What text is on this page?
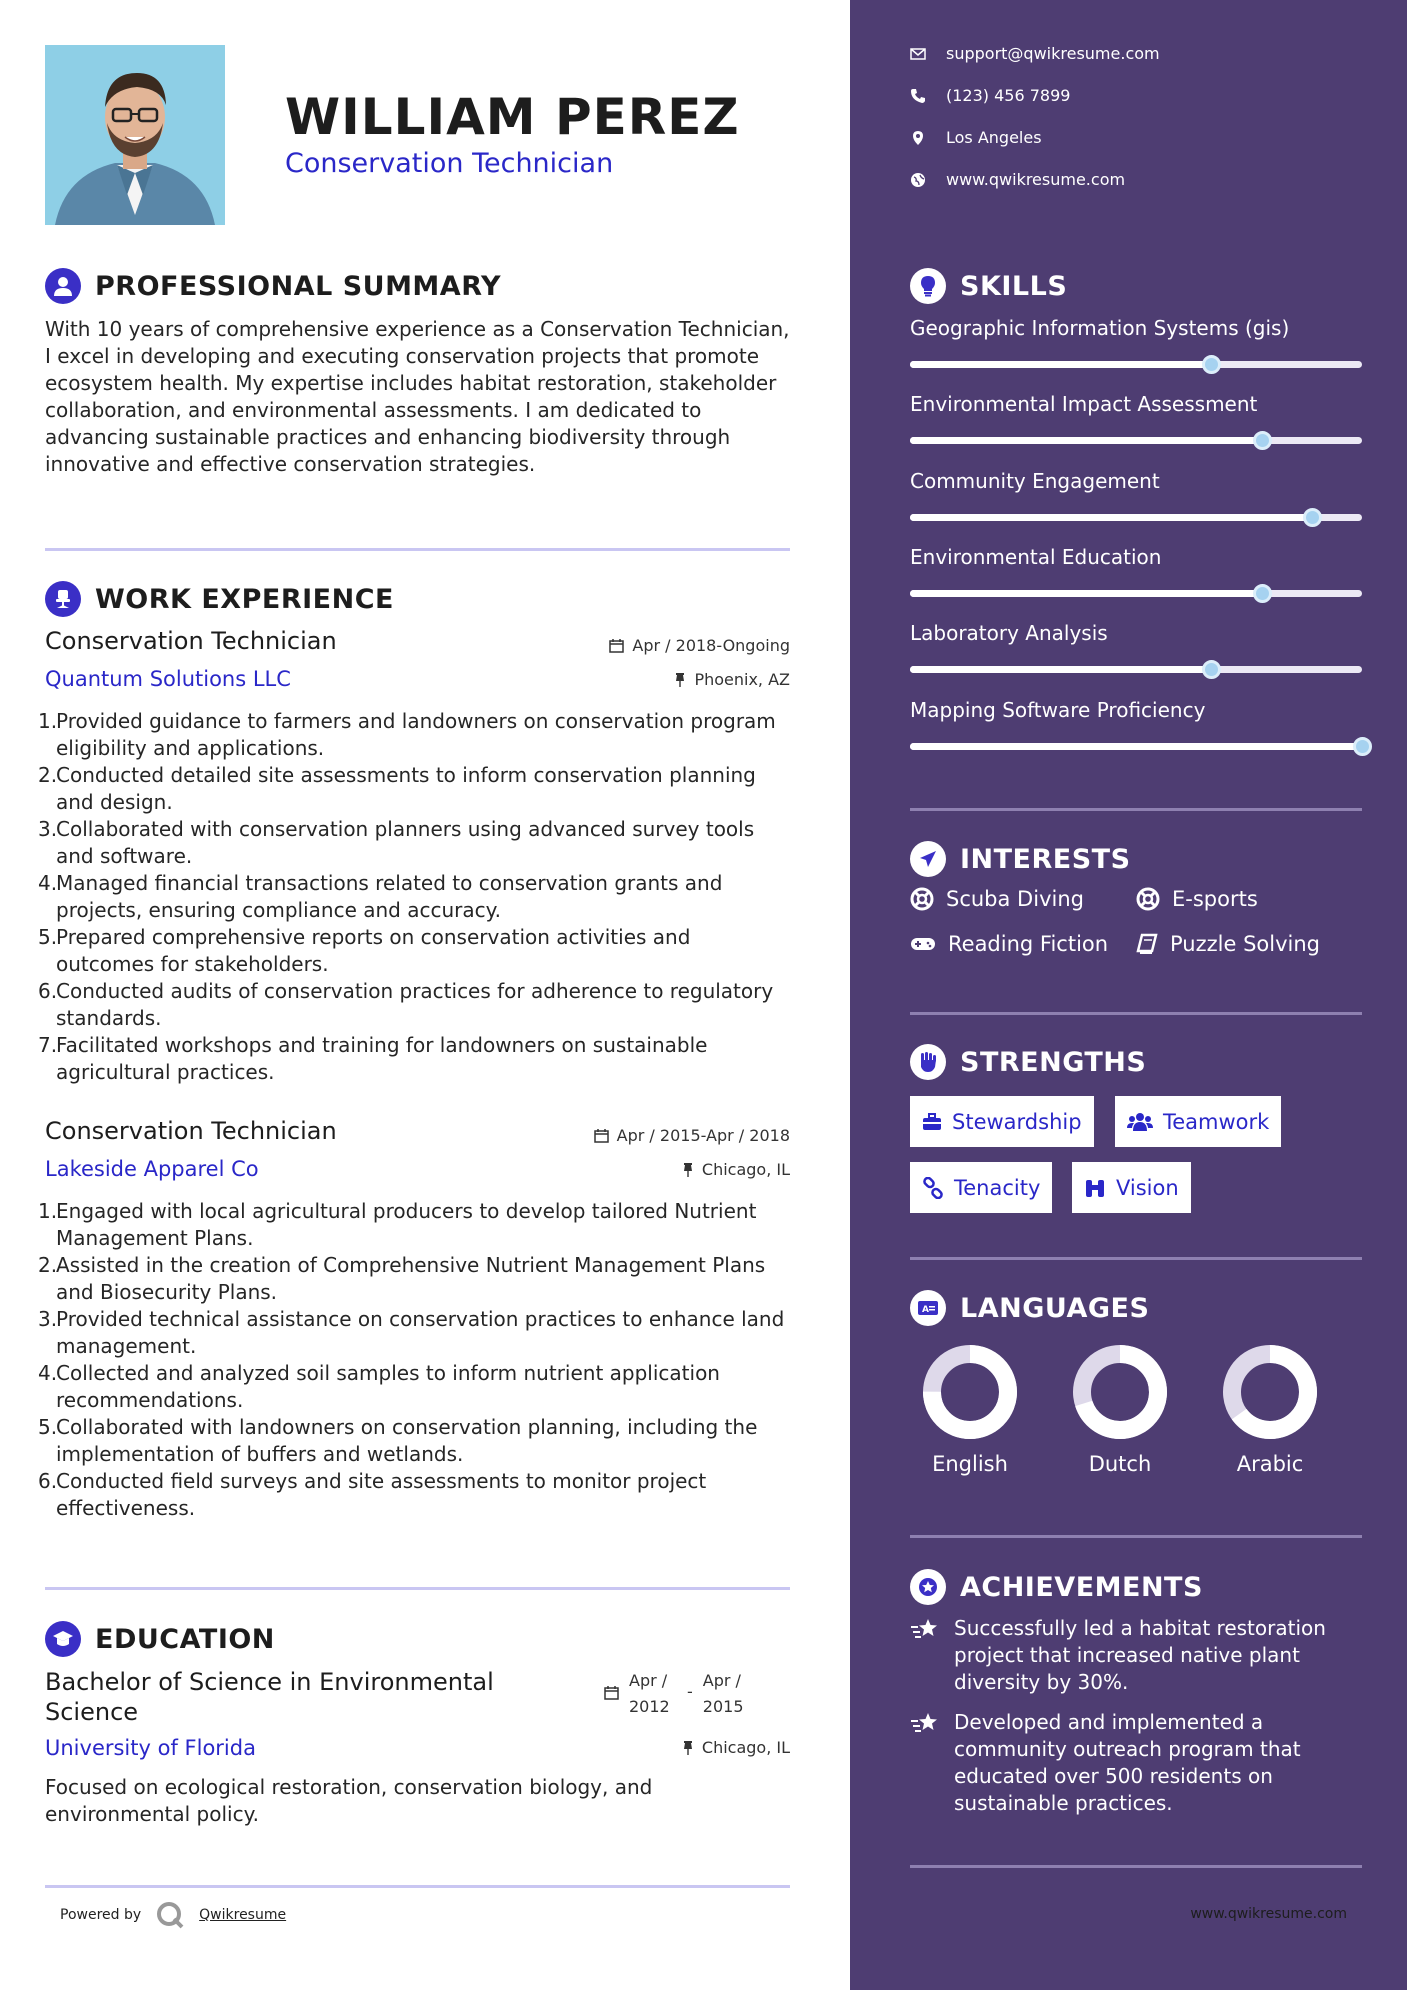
WILLIAM PEREZ
Conservation Technician
PROFESSIONAL SUMMARY
With 10 years of comprehensive experience as a Conservation Technician, I excel in developing and executing conservation projects that promote ecosystem health. My expertise includes habitat restoration, stakeholder collaboration, and environmental assessments. I am dedicated to advancing sustainable practices and enhancing biodiversity through innovative and effective conservation strategies.
WORK EXPERIENCE
Conservation Technician	Apr / 2018-Ongoing
Quantum Solutions LLC	Phoenix, AZ
1.
Provided guidance to farmers and landowners on conservation program eligibility and applications.
2.
Conducted detailed site assessments to inform conservation planning and design.
3.
Collaborated with conservation planners using advanced survey tools and software.
4.
Managed financial transactions related to conservation grants and projects, ensuring compliance and accuracy.
5.
Prepared comprehensive reports on conservation activities and outcomes for stakeholders.
6.
Conducted audits of conservation practices for adherence to regulatory standards.
7.
Facilitated workshops and training for landowners on sustainable agricultural practices.
Conservation Technician	Apr / 2015-Apr / 2018
Lakeside Apparel Co	Chicago, IL
1.
Engaged with local agricultural producers to develop tailored Nutrient Management Plans.
2.
Assisted in the creation of Comprehensive Nutrient Management Plans and Biosecurity Plans.
3.
Provided technical assistance on conservation practices to enhance land management.
4.
Collected and analyzed soil samples to inform nutrient application recommendations.
5.
Collaborated with landowners on conservation planning, including the implementation of buffers and wetlands.
6.
Conducted field surveys and site assessments to monitor project effectiveness.
EDUCATION
Bachelor of Science in Environmental Science
Apr / 2012
-
Apr / 2015
University of Florida	Chicago, IL
Focused on ecological restoration, conservation biology, and environmental policy.
Powered by	Qwikresume
support@qwikresume.com
(123) 456 7899
Los Angeles
www.qwikresume.com
SKILLS
Geographic Information Systems (gis)
Environmental Impact Assessment
Community Engagement
Environmental Education
Laboratory Analysis
Mapping Software Proficiency
INTERESTS
Scuba Diving	E-sports
Reading Fiction	Puzzle Solving
STRENGTHS
Stewardship	Teamwork
Tenacity	Vision
A LANGUAGES
English	Dutch	Arabic
ACHIEVEMENTS
Successfully led a habitat restoration project that increased native plant diversity by 30%.
Developed and implemented a community outreach program that educated over 500 residents on sustainable practices.
www.qwikresume.com
